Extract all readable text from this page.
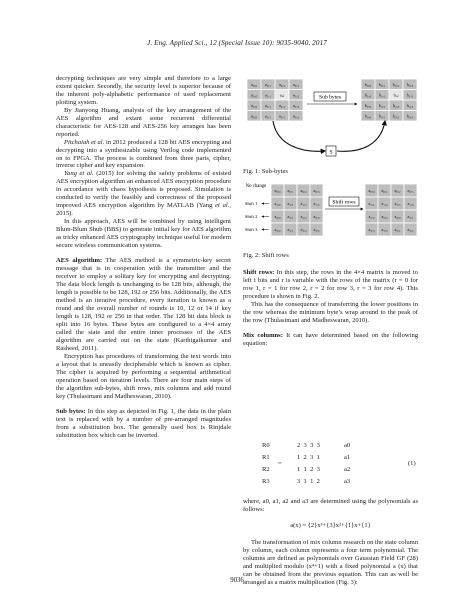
J. Eng. Applied Sci., 12 (Special Issue 10): 9035-9040, 2017

decrypting techniques are very simple and therefore to a large extent quicker. Secondly, the security level is superior because of the inherent poly-alphabetic performance of used replacement plotting system.

By Jianyong Huang, analysis of the key arrangement of the AES algorithm and extant some recurrent differential characteristic for AES-128 and AES-256 key arranges has been reported.

Pitchaiah et al. in 2012 produced a 128 bit AES encrypting and decrypting into a synthesizable using Verilog code implemented on to FPGA. The process is combined from three parts, cipher, inverse cipher and key expansion.

Yang et al. (2015) for solving the safety problems of existed AES encryption algorithm an enhanced AES encryption procedure in accordance with chaos hypothesis is proposed. Simulation is conducted to verify the feasibly and correctness of the proposed improved AES encryption algorithm by MATLAB (Yang et al., 2015).

In this approach, AES will be combined by using intelligent Blum-Blum Shub (BBS) to generate initial key for AES algorithm as tricky enhanced AES cryptography technique useful for modern secure wireless communication systems.

AES algorithm: The AES method is a symmetric-key secret message that is in cooperation with the transmitter and the receiver to employ a solitary key for encrypting and decrypting. The data block length is unchanging to be 128 bits, although, the length is possible to be 128, 192 or 256 bits. Additionally, the AES method is an iterative procedure, every iteration is known as a round and the overall number of rounds is 10, 12 or 14 if key length is 128, 192 or 256 in that order. The 128 bit data block is split into 16 bytes. These bytes are configured to a 4×4 array called the state and the entire inner processes of the AES algorithm are carried out on the state (Karthigaikumar and Rasheed, 2011).

Encryption has procedures of transforming the text words into a layout that is uneasily decipherable which is known as cipher. The cipher is acquired by performing a sequential arithmetical operation based on iteration levels. There are four main steps of the algorithm sub-bytes, shift rows, mix columns and add round key (Thulasimani and Madheswaran, 2010).

Sub bytes: In this step as depicted in Fig. 1, the data in the plain text is replaced with by a number of pre-arranged magnitudes from a substitution box. The generally used box is Rinjdale substitution box which can be inverted.

a₀,₀ a₀,₁ a₀,₂ a₀,₃
a₁,₀ a₁,₁ aᵢ,ⱼ a₁,₃
a₂,₀ a₂,₁ a₂,₂ a₂,₃
a₃,₀ a₃,₁ a₃,₂ a₃,₃
b₀,₀ b₀,₁ b₀,₂ b₀,₃
b₁,₀ b₁,₁ bᵢ,ⱼ b₁,₃
b₂,₀ b₂,₁ b₂,₂ b₂,₃
b₃,₀ b₃,₁ b₃,₂ b₃,₃
Sub bytes
S
Fig. 1: Sub-bytes
No change
Shift 1
Shift 2
Shift 3
a₀,₀ a₀,₁ a₀,₂ a₀,₃
a₁,₀ a₁,₁ a₁,₂ a₁,₃
a₂,₀ a₂,₁ a₂,₂ a₂,₃
a₃,₀ a₃,₁ a₃,₂ a₃,₃
a₀,₀ a₀,₁ a₀,₂ a₀,₃
a₁,₁ a₁,₂ a₁,₃ a₁,₀
a₂,₂ a₂,₃ a₂,₀ a₂,₁
a₃,₃ a₃,₀ a₃,₁ a₃,₂
Shift rows
Fig. 2: Shift rows

Shift rows: In this step, the rows in the 4×4 matrix is moved to left t bits and r is variable with the rows of the matrix (r = 0 for row 1, r = 1 for row 2, r = 2 for row 3, r = 3 for row 4). This procedure is shown in Fig. 2.

This has the consequence of transferring the lower positions in the row whereas the minimum byte’s wrap around to the peak of the row (Thulasimani and Madheswaran, 2010).

Mix columns: It can have determined based on the following equation:

R0
R1
R2
R3
=
2  3  3  3
1  2  3  1
1  1  2  3
3  1  1  2
a0
a1
a2
a3
(1)

where, a0, a1, a2 and a3 are determined using the polynomials as follows:

a(x) = {2}x³+{3}x²+{1}x+{1}

The transformation of mix column research on the state column by column, each column represents a four term polynomial. The columns are defined as polynomials over Gaussian Field GF (28) and multiplied modulo (x⁴+1) with a fixed polynomial a (x) that can be obtained from the previous equation. This can as well be arranged as a matrix multiplication (Fig. 3):

9036
